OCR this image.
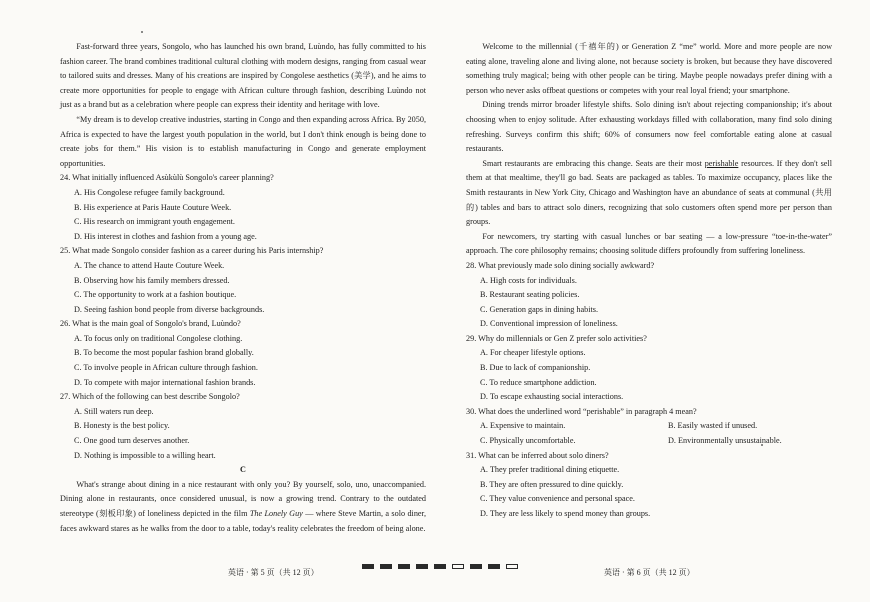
Fast-forward three years, Songolo, who has launched his own brand, Luùndo, has fully committed to his fashion career. The brand combines traditional cultural clothing with modern designs, ranging from casual wear to tailored suits and dresses. Many of his creations are inspired by Congolese aesthetics (美学), and he aims to create more opportunities for people to engage with African culture through fashion, describing Luùndo not just as a brand but as a celebration where people can express their identity and heritage with love.

“My dream is to develop creative industries, starting in Congo and then expanding across Africa. By 2050, Africa is expected to have the largest youth population in the world, but I don't think enough is being done to create jobs for them.” His vision is to establish manufacturing in Congo and generate employment opportunities.

24. What initially influenced Asùkùlù Songolo's career planning?

A. His Congolese refugee family background.

B. His experience at Paris Haute Couture Week.

C. His research on immigrant youth engagement.

D. His interest in clothes and fashion from a young age.

25. What made Songolo consider fashion as a career during his Paris internship?

A. The chance to attend Haute Couture Week.

B. Observing how his family members dressed.

C. The opportunity to work at a fashion boutique.

D. Seeing fashion bond people from diverse backgrounds.

26. What is the main goal of Songolo's brand, Luùndo?

A. To focus only on traditional Congolese clothing.

B. To become the most popular fashion brand globally.

C. To involve people in African culture through fashion.

D. To compete with major international fashion brands.

27. Which of the following can best describe Songolo?

A. Still waters run deep.

B. Honesty is the best policy.

C. One good turn deserves another.

D. Nothing is impossible to a willing heart.

C

What's strange about dining in a nice restaurant with only you? By yourself, solo, uno, unaccompanied. Dining alone in restaurants, once considered unusual, is now a growing trend. Contrary to the outdated stereotype (刻板印象) of loneliness depicted in the film The Lonely Guy — where Steve Martin, a solo diner, faces awkward stares as he walks from the door to a table, today's reality celebrates the freedom of being alone.

Welcome to the millennial (千禧年的) or Generation Z “me” world. More and more people are now eating alone, traveling alone and living alone, not because society is broken, but because they have discovered something truly magical; being with other people can be tiring. Maybe people nowadays prefer dining with a person who never asks offbeat questions or competes with your real loyal friend; your smartphone.

Dining trends mirror broader lifestyle shifts. Solo dining isn't about rejecting companionship; it's about choosing when to enjoy solitude. After exhausting workdays filled with collaboration, many find solo dining refreshing. Surveys confirm this shift; 60% of consumers now feel comfortable eating alone at casual restaurants.

Smart restaurants are embracing this change. Seats are their most perishable resources. If they don't sell them at that mealtime, they'll go bad. Seats are packaged as tables. To maximize occupancy, places like the Smith restaurants in New York City, Chicago and Washington have an abundance of seats at communal (共用的) tables and bars to attract solo diners, recognizing that solo customers often spend more per person than groups.

For newcomers, try starting with casual lunches or bar seating — a low-pressure “toe-in-the-water” approach. The core philosophy remains; choosing solitude differs profoundly from suffering loneliness.

28. What previously made solo dining socially awkward?

A. High costs for individuals.

B. Restaurant seating policies.

C. Generation gaps in dining habits.

D. Conventional impression of loneliness.

29. Why do millennials or Gen Z prefer solo activities?

A. For cheaper lifestyle options.

B. Due to lack of companionship.

C. To reduce smartphone addiction.

D. To escape exhausting social interactions.

30. What does the underlined word “perishable” in paragraph 4 mean?

A. Expensive to maintain.	B. Easily wasted if unused.
C. Physically uncomfortable.	D. Environmentally unsustainable.

31. What can be inferred about solo diners?

A. They prefer traditional dining etiquette.

B. They are often pressured to dine quickly.

C. They value convenience and personal space.

D. They are less likely to spend money than groups.

英语 · 第 5 页（共 12 页）	英语 · 第 6 页（共 12 页）
